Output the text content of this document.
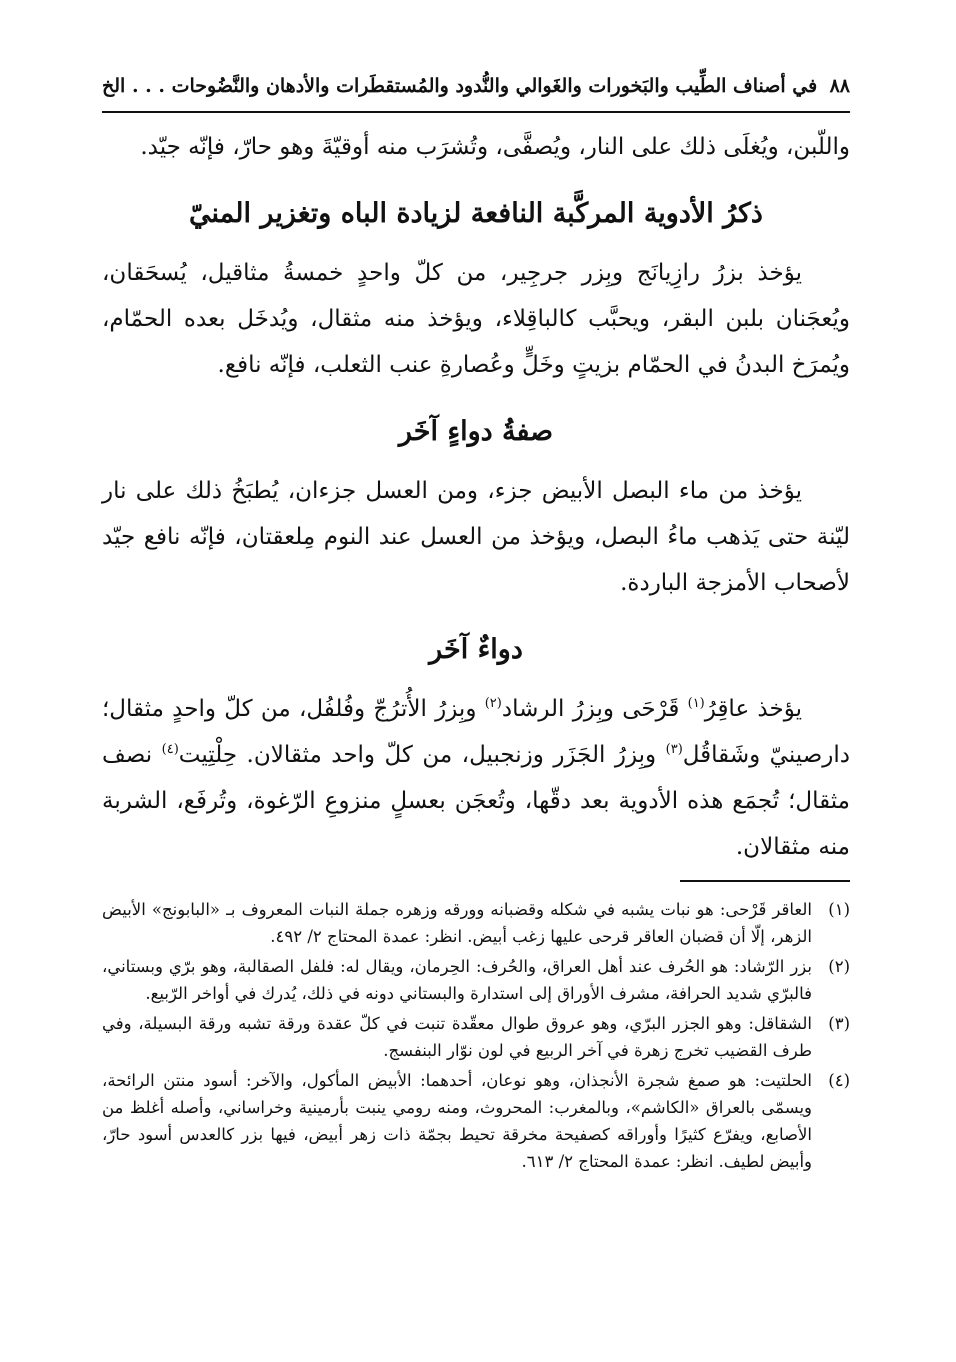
٨٨
في أصناف الطِّيب والبَخورات والغَوالي والنُّدود والمُستقطَرات والأدهان والنَّضُوحات . . . الخ

واللّبن، ويُغلَى ذلك على النار، ويُصفَّى، وتُشرَب منه أوقيّةَ وهو حارّ، فإنّه جيّد.

ذكرُ الأدوية المركَّبة النافعة لزيادة الباه وتغزير المنيّ

يؤخذ بزرُ رازِيانَج وبِزر جرجِير، من كلّ واحدٍ خمسةُ مثاقيل، يُسحَقان، ويُعجَنان بلبن البقر، ويحبَّب كالباقِلاء، ويؤخذ منه مثقال، ويُدخَل بعده الحمّام، ويُمرَخ البدنُ في الحمّام بزيتٍ وخَلٍّ وعُصارةِ عنب الثعلب، فإنّه نافع.

صفةُ دواءٍ آخَر

يؤخذ من ماء البصل الأبيض جزء، ومن العسل جزءان، يُطبَخُ ذلك على نار ليّنة حتى يَذهب ماءُ البصل، ويؤخذ من العسل عند النوم مِلعقتان، فإنّه نافع جيّد لأصحاب الأمزجة الباردة.

دواءٌ آخَر

يؤخذ عاقِرُ$^{(١)}$ قَرْحَى وبِزرُ الرشاد$^{(٢)}$ وبِزرُ الأُترُجّ وفُلفُل، من كلّ واحدٍ مثقال؛ دارصينيّ وشَقاقُل$^{(٣)}$ وبِزرُ الجَزَر وزنجبيل، من كلّ واحد مثقالان. حِلْتِيت$^{(٤)}$ نصف مثقال؛ تُجمَع هذه الأدوية بعد دقّها، وتُعجَن بعسلٍ منزوعِ الرّغوة، وتُرفَع، الشربة منه مثقالان.

(١)
العاقر قَرْحى: هو نبات يشبه في شكله وقضبانه وورقه وزهره جملة النبات المعروف بـ «البابونج» الأبيض الزهر، إلّا أن قضبان العاقر قرحى عليها زغب أبيض. انظر: عمدة المحتاج ٢/ ٤٩٢.
(٢)
بزر الرّشاد: هو الحُرف عند أهل العراق، والحُرف: الحِرمان، ويقال له: فلفل الصقالبة، وهو برّي وبستاني، فالبرّي شديد الحرافة، مشرف الأوراق إلى استدارة والبستاني دونه في ذلك، يُدرك في أواخر الرّبيع.
(٣)
الشقاقل: وهو الجزر البرّي، وهو عروق طوال معقّدة تنبت في كلّ عقدة ورقة تشبه ورقة البسيلة، وفي طرف القضيب تخرج زهرة في آخر الربيع في لون نوّار البنفسج.
(٤)
الحلتيت: هو صمغ شجرة الأنجذان، وهو نوعان، أحدهما: الأبيض المأكول، والآخر: أسود منتن الرائحة، ويسمّى بالعراق «الكاشم»، وبالمغرب: المحروث، ومنه رومي ينبت بأرمينية وخراساني، وأصله أغلظ من الأصابع، ويفرّع كثيرًا وأوراقه كصفيحة مخرقة تحيط بجمّة ذات زهر أبيض، فيها بزر كالعدس أسود حارّ، وأبيض لطيف. انظر: عمدة المحتاج ٢/ ٦١٣.
